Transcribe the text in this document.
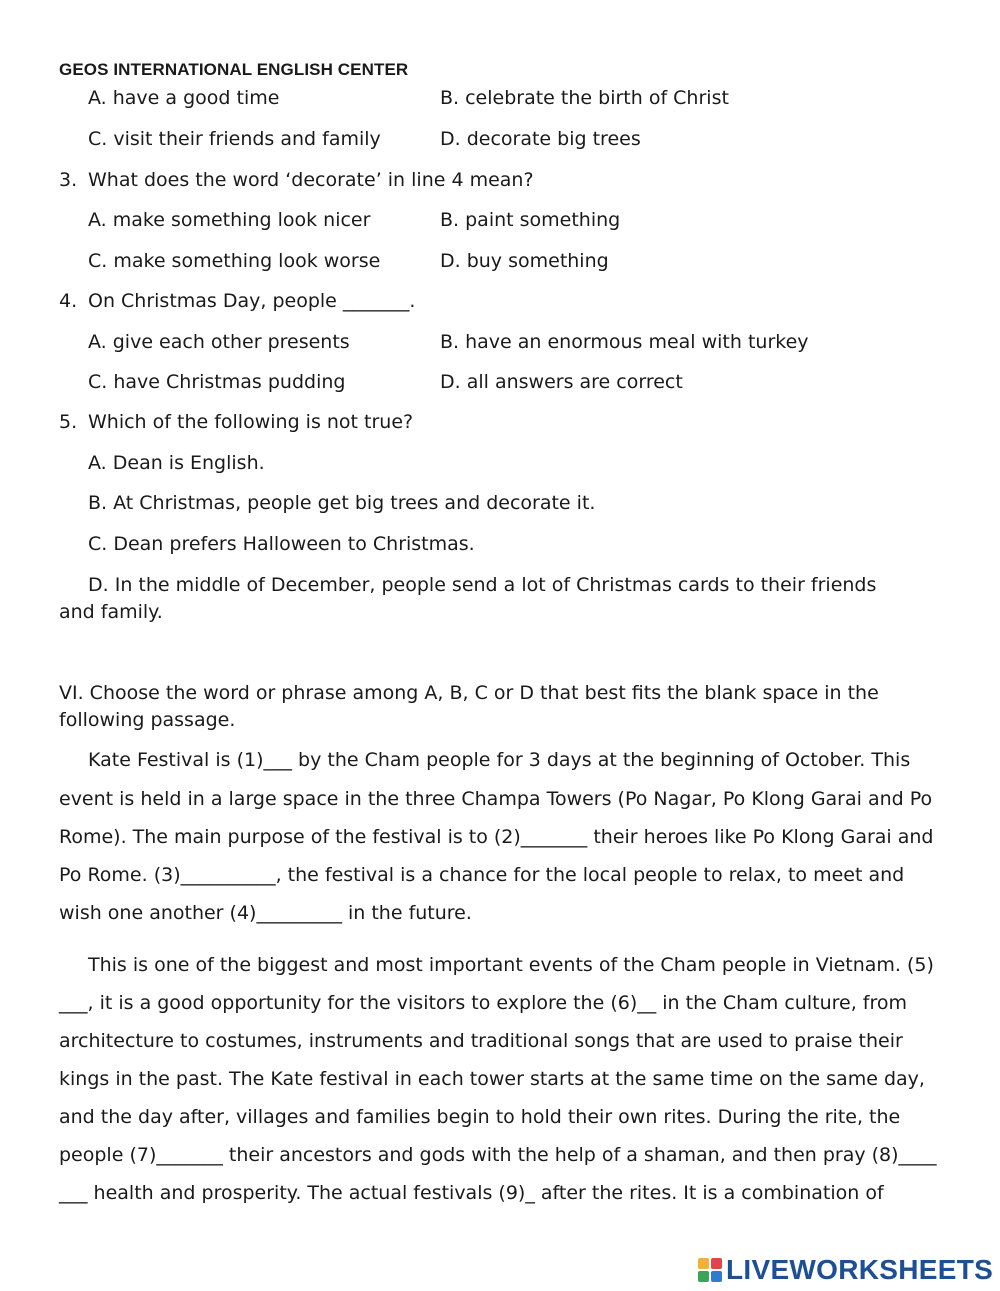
GEOS INTERNATIONAL ENGLISH CENTER
A. have a good time	B. celebrate the birth of Christ
C. visit their friends and family	D. decorate big trees
3. What does the word ‘decorate’ in line 4 mean?
A. make something look nicer	B. paint something
C. make something look worse	D. buy something
4. On Christmas Day, people _______.
A. give each other presents	B. have an enormous meal with turkey
C. have Christmas pudding	D. all answers are correct
5. Which of the following is not true?
A. Dean is English.
B. At Christmas, people get big trees and decorate it.
C. Dean prefers Halloween to Christmas.
D. In the middle of December, people send a lot of Christmas cards to their friends
and family.
VI. Choose the word or phrase among A, B, C or D that best fits the blank space in the
following passage.
Kate Festival is (1)___ by the Cham people for 3 days at the beginning of October. This
event is held in a large space in the three Champa Towers (Po Nagar, Po Klong Garai and Po
Rome). The main purpose of the festival is to (2)_______ their heroes like Po Klong Garai and
Po Rome. (3)__________, the festival is a chance for the local people to relax, to meet and
wish one another (4)_________ in the future.
This is one of the biggest and most important events of the Cham people in Vietnam. (5)
___, it is a good opportunity for the visitors to explore the (6)__ in the Cham culture, from
architecture to costumes, instruments and traditional songs that are used to praise their
kings in the past. The Kate festival in each tower starts at the same time on the same day,
and the day after, villages and families begin to hold their own rites. During the rite, the
people (7)_______ their ancestors and gods with the help of a shaman, and then pray (8)____
___ health and prosperity. The actual festivals (9)_ after the rites. It is a combination of
LIVEWORKSHEETS
